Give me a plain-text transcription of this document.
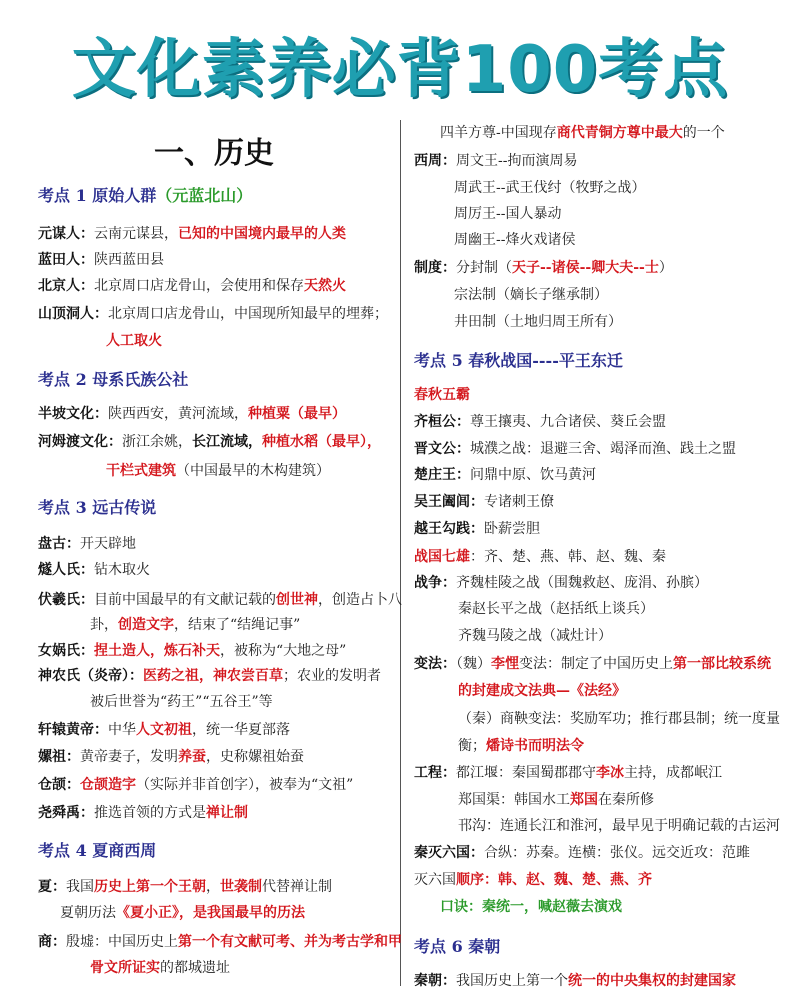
文化素养必背100考点
一、历史
考点 1 原始人群（元蓝北山）
考点 2 母系氏族公社
考点 3 远古传说
考点 4 夏商西周
元谋人：云南元谋县，已知的中国境内最早的人类
蓝田人：陕西蓝田县
北京人：北京周口店龙骨山，会使用和保存天然火
山顶洞人：北京周口店龙骨山，中国现所知最早的埋葬；
人工取火
半坡文化：陕西西安，黄河流域，种植粟（最早）
河姆渡文化：浙江余姚，长江流域，种植水稻（最早），
干栏式建筑（中国最早的木构建筑）
盘古：开天辟地
燧人氏：钻木取火
伏羲氏：目前中国最早的有文献记载的创世神，创造占卜八
卦，创造文字，结束了“结绳记事”
女娲氏：捏土造人，炼石补天，被称为“大地之母”
神农氏（炎帝）：医药之祖，神农尝百草；农业的发明者
被后世誉为“药王”“五谷王”等
轩辕黄帝：中华人文初祖，统一华夏部落
嫘祖：黄帝妻子，发明养蚕，史称嫘祖始蚕
仓颉：仓颉造字（实际并非首创字），被奉为“文祖”
尧舜禹：推选首领的方式是禅让制
夏：我国历史上第一个王朝，世袭制代替禅让制
夏朝历法《夏小正》，是我国最早的历法
商：殷墟：中国历史上第一个有文献可考、并为考古学和甲
骨文所证实的都城遗址
考点 5 春秋战国----平王东迁
考点 6 秦朝
四羊方尊-中国现存商代青铜方尊中最大的一个
西周：周文王--拘而演周易
周武王--武王伐纣（牧野之战）
周厉王--国人暴动
周幽王--烽火戏诸侯
制度：分封制（天子--诸侯--卿大夫--士）
宗法制（嫡长子继承制）
井田制（土地归周王所有）
春秋五霸
齐桓公：尊王攘夷、九合诸侯、葵丘会盟
晋文公：城濮之战：退避三舍、竭泽而渔、践土之盟
楚庄王：问鼎中原、饮马黄河
吴王阖闾：专诸刺王僚
越王勾践：卧薪尝胆
战国七雄：齐、楚、燕、韩、赵、魏、秦
战争：齐魏桂陵之战（围魏救赵、庞涓、孙膑）
秦赵长平之战（赵括纸上谈兵）
齐魏马陵之战（减灶计）
变法：（魏）李悝变法：制定了中国历史上第一部比较系统
的封建成文法典—《法经》
（秦）商鞅变法：奖励军功；推行郡县制；统一度量
衡；燔诗书而明法令
工程：都江堰：秦国蜀郡郡守李冰主持，成都岷江
郑国渠：韩国水工郑国在秦所修
邗沟：连通长江和淮河，最早见于明确记载的古运河
秦灭六国：合纵：苏秦。连横：张仪。远交近攻：范雎
灭六国顺序：韩、赵、魏、楚、燕、齐
口诀：秦统一，喊赵薇去演戏
秦朝：我国历史上第一个统一的中央集权的封建国家
